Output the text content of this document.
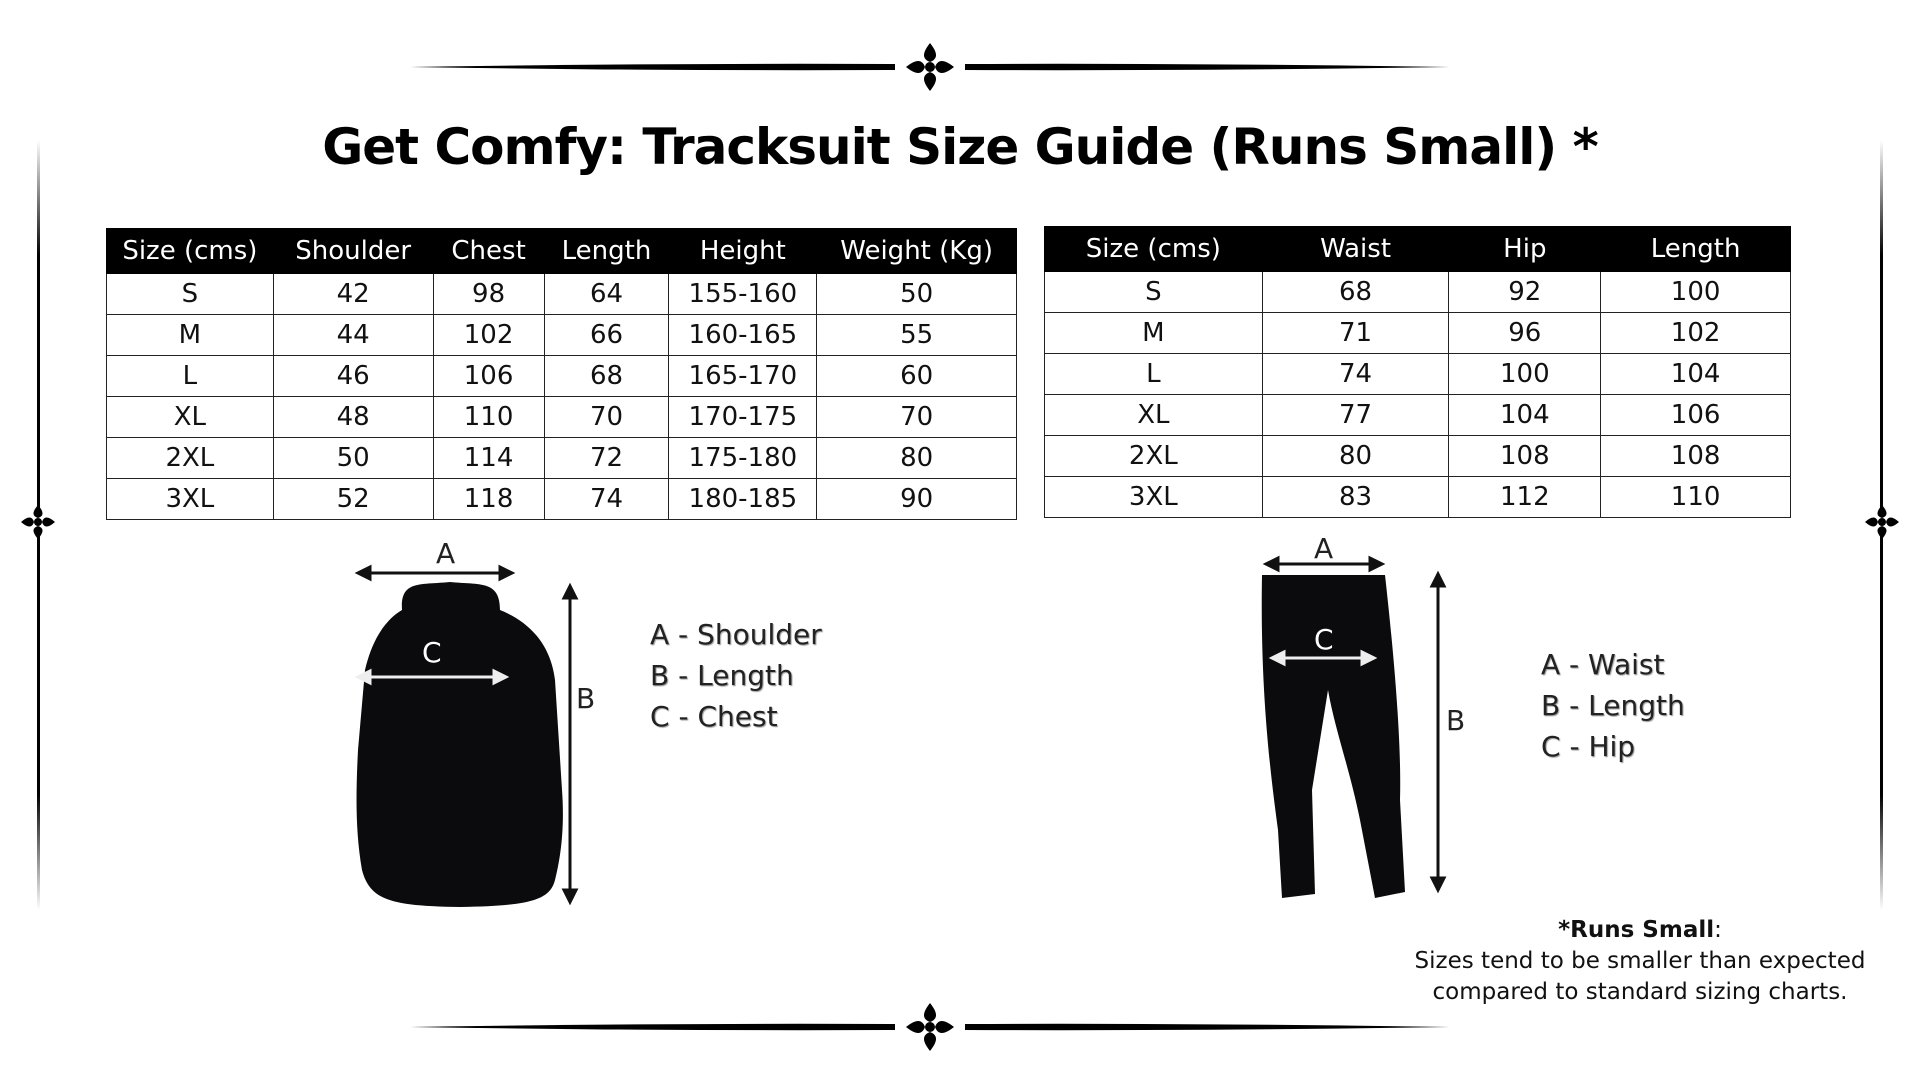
Get Comfy: Tracksuit Size Guide (Runs Small) *
Size (cms)	Shoulder	Chest	Length	Height	Weight (Kg)
S	42	98	64	155-160	50
M	44	102	66	160-165	55
L	46	106	68	165-170	60
XL	48	110	70	170-175	70
2XL	50	114	72	175-180	80
3XL	52	118	74	180-185	90
Size (cms)	Waist	Hip	Length
S	68	92	100
M	71	96	102
L	74	100	104
XL	77	104	106
2XL	80	108	108
3XL	83	112	110
A
C
B
A - Shoulder
B - Length
C - Chest
A
C
B
A - Waist
B - Length
C - Hip
*Runs Small:
Sizes tend to be smaller than expected
compared to standard sizing charts.
